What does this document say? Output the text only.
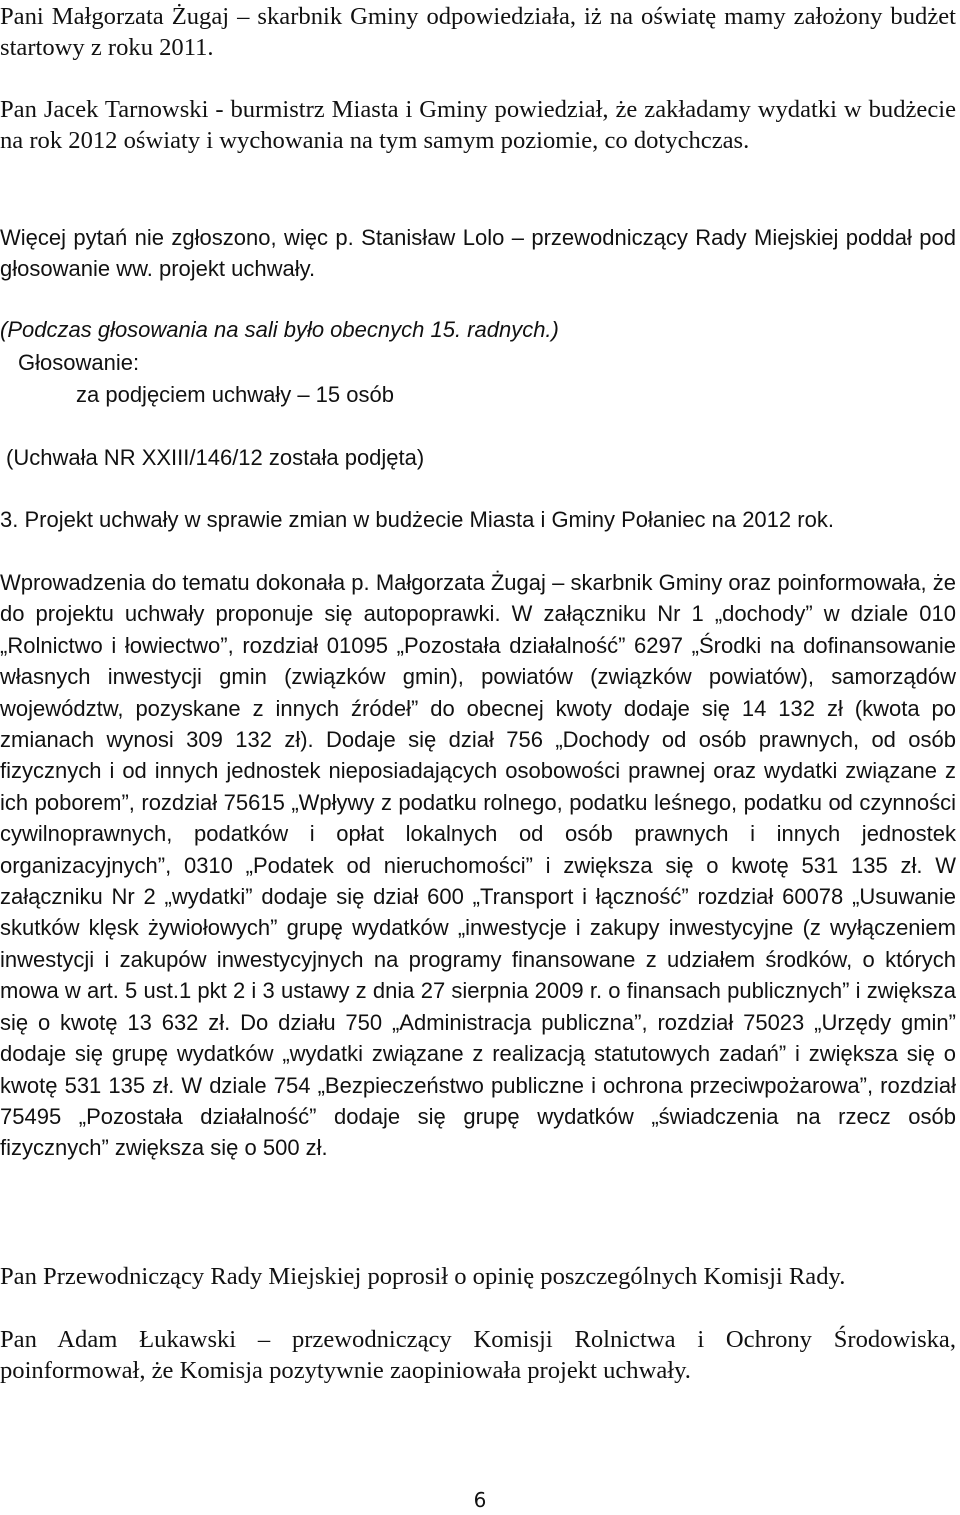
Pani Małgorzata Żugaj – skarbnik Gminy odpowiedziała, iż na oświatę mamy założony budżet startowy z roku 2011.

Pan Jacek Tarnowski - burmistrz Miasta i Gminy powiedział, że zakładamy wydatki w budżecie na rok 2012 oświaty i wychowania na tym samym poziomie, co dotychczas.

Więcej pytań nie zgłoszono, więc p. Stanisław Lolo – przewodniczący Rady Miejskiej poddał pod głosowanie ww. projekt uchwały.

(Podczas głosowania na sali było obecnych 15. radnych.)

Głosowanie:

za podjęciem uchwały – 15 osób

(Uchwała NR XXIII/146/12 została podjęta)

3. Projekt uchwały w sprawie zmian w budżecie Miasta i Gminy Połaniec na 2012 rok.

Wprowadzenia do tematu dokonała p. Małgorzata Żugaj – skarbnik Gminy oraz poinformowała, że do projektu uchwały proponuje się autopoprawki. W załączniku Nr 1 „dochody” w dziale 010 „Rolnictwo i łowiectwo”, rozdział 01095 „Pozostała działalność” 6297 „Środki na dofinansowanie własnych inwestycji gmin (związków gmin), powiatów (związków powiatów), samorządów województw, pozyskane z innych źródeł” do obecnej kwoty dodaje się 14 132 zł (kwota po zmianach wynosi 309 132 zł). Dodaje się dział 756 „Dochody od osób prawnych, od osób fizycznych i od innych jednostek nieposiadających osobowości prawnej oraz wydatki związane z ich poborem”, rozdział 75615 „Wpływy z podatku rolnego, podatku leśnego, podatku od czynności cywilnoprawnych, podatków i opłat lokalnych od osób prawnych i innych jednostek organizacyjnych”, 0310 „Podatek od nieruchomości” i zwiększa się o kwotę 531 135 zł. W załączniku Nr 2 „wydatki” dodaje się dział 600 „Transport i łączność” rozdział 60078 „Usuwanie skutków klęsk żywiołowych” grupę wydatków „inwestycje i zakupy inwestycyjne (z wyłączeniem inwestycji i zakupów inwestycyjnych na programy finansowane z udziałem środków, o których mowa w art. 5 ust.1 pkt 2 i 3 ustawy z dnia 27 sierpnia 2009 r. o finansach publicznych” i zwiększa się o kwotę 13 632 zł. Do działu 750 „Administracja publiczna”, rozdział 75023 „Urzędy gmin” dodaje się grupę wydatków „wydatki związane z realizacją statutowych zadań” i zwiększa się o kwotę 531 135 zł. W dziale 754 „Bezpieczeństwo publiczne i ochrona przeciwpożarowa”, rozdział 75495 „Pozostała działalność” dodaje się grupę wydatków „świadczenia na rzecz osób fizycznych” zwiększa się o 500 zł.

Pan Przewodniczący Rady Miejskiej poprosił o opinię poszczególnych Komisji Rady.

Pan Adam Łukawski – przewodniczący Komisji Rolnictwa i Ochrony Środowiska, poinformował, że Komisja pozytywnie zaopiniowała projekt uchwały.

6
